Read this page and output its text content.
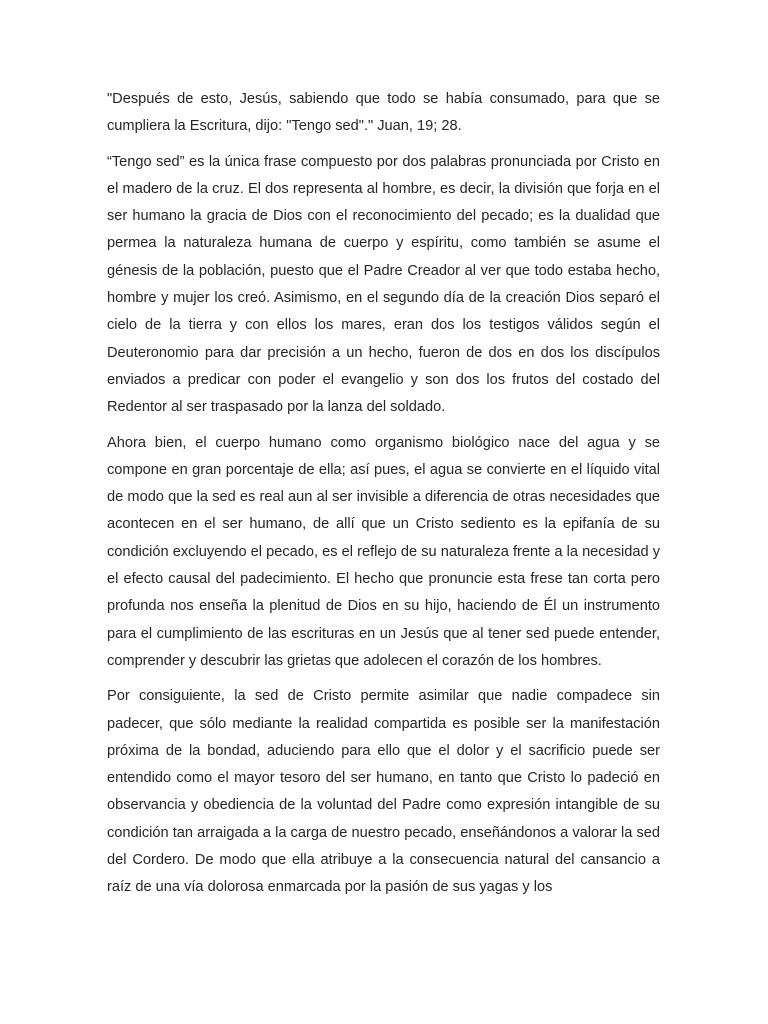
"Después de esto, Jesús, sabiendo que todo se había consumado, para que se cumpliera la Escritura, dijo: "Tengo sed"." Juan, 19; 28.

“Tengo sed” es la única frase compuesto por dos palabras pronunciada por Cristo en el madero de la cruz. El dos representa al hombre, es decir, la división que forja en el ser humano la gracia de Dios con el reconocimiento del pecado; es la dualidad que permea la naturaleza humana de cuerpo y espíritu, como también se asume el génesis de la población, puesto que el Padre Creador al ver que todo estaba hecho, hombre y mujer los creó. Asimismo, en el segundo día de la creación Dios separó el cielo de la tierra y con ellos los mares, eran dos los testigos válidos según el Deuteronomio para dar precisión a un hecho, fueron de dos en dos los discípulos enviados a predicar con poder el evangelio y son dos los frutos del costado del Redentor al ser traspasado por la lanza del soldado.

Ahora bien, el cuerpo humano como organismo biológico nace del agua y se compone en gran porcentaje de ella; así pues, el agua se convierte en el líquido vital de modo que la sed es real aun al ser invisible a diferencia de otras necesidades que acontecen en el ser humano, de allí que un Cristo sediento es la epifanía de su condición excluyendo el pecado, es el reflejo de su naturaleza frente a la necesidad y el efecto causal del padecimiento. El hecho que pronuncie esta frese tan corta pero profunda nos enseña la plenitud de Dios en su hijo, haciendo de Él un instrumento para el cumplimiento de las escrituras en un Jesús que al tener sed puede entender, comprender y descubrir las grietas que adolecen el corazón de los hombres.

Por consiguiente, la sed de Cristo permite asimilar que nadie compadece sin padecer, que sólo mediante la realidad compartida es posible ser la manifestación próxima de la bondad, aduciendo para ello que el dolor y el sacrificio puede ser entendido como el mayor tesoro del ser humano, en tanto que Cristo lo padeció en observancia y obediencia de la voluntad del Padre como expresión intangible de su condición tan arraigada a la carga de nuestro pecado, enseñándonos a valorar la sed del Cordero. De modo que ella atribuye a la consecuencia natural del cansancio a raíz de una vía dolorosa enmarcada por la pasión de sus yagas y los
